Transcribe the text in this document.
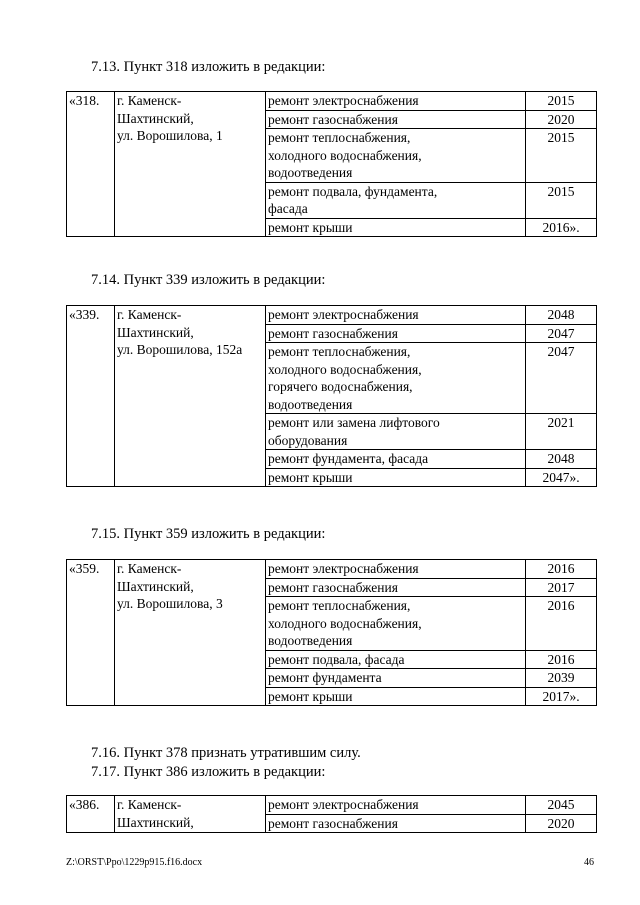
7.13. Пункт 318 изложить в редакции:
«318.	г. Каменск-
Шахтинский,
ул. Ворошилова, 1	ремонт электроснабжения	2015

		ремонт газоснабжения	2020

		ремонт теплоснабжения,
холодного водоснабжения,
водоотведения	2015

		ремонт подвала, фундамента,
фасада	2015

		ремонт крыши	2016».
7.14. Пункт 339 изложить в редакции:
«339.	г. Каменск-
Шахтинский,
ул. Ворошилова, 152а	ремонт электроснабжения	2048

		ремонт газоснабжения	2047

		ремонт теплоснабжения,
холодного водоснабжения,
горячего водоснабжения,
водоотведения	2047

		ремонт или замена лифтового
оборудования	2021

		ремонт фундамента, фасада	2048

		ремонт крыши	2047».
7.15. Пункт 359 изложить в редакции:
«359.	г. Каменск-
Шахтинский,
ул. Ворошилова, 3	ремонт электроснабжения	2016

		ремонт газоснабжения	2017

		ремонт теплоснабжения,
холодного водоснабжения,
водоотведения	2016

		ремонт подвала, фасада	2016

		ремонт фундамента	2039

		ремонт крыши	2017».
7.16. Пункт 378 признать утратившим силу.
7.17. Пункт 386 изложить в редакции:
«386.	г. Каменск-
Шахтинский,	ремонт электроснабжения	2045

		ремонт газоснабжения	2020
Z:\ORST\Ppo\1229p915.f16.docx	46
